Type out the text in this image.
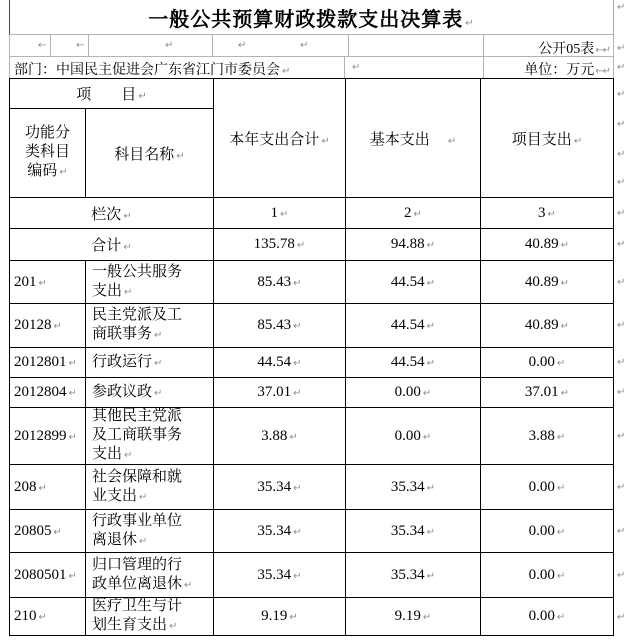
一般公共预算财政拨款支出决算表 ↵
←	←	↵	↵	↵	公开05表 ←↵
部门：中国民主促进会广东省江门市委员会 ↵	↵	单位：万元 ←↵
项　　目 ↵
本年支出合计 ↵	基本支出 ↵	项目支出 ↵
功能分
类科目
编码 ↵
科目名称 ↵
栏次 ↵	1 ↵	2 ↵	3 ↵
合计 ↵	135.78 ↵	94.88 ↵	40.89 ↵
201 ↵
一般公共服务
支出 ↵
85.43 ↵	44.54 ↵	40.89 ↵
20128 ↵
民主党派及工
商联事务 ↵
85.43 ↵	44.54 ↵	40.89 ↵
2012801 ↵	行政运行 ↵	44.54 ↵	44.54 ↵	0.00 ↵
2012804 ↵	参政议政 ↵	37.01 ↵	0.00 ↵	37.01 ↵
2012899 ↵
其他民主党派
及工商联事务
支出 ↵
3.88 ↵	0.00 ↵	3.88 ↵
208 ↵
社会保障和就
业支出 ↵
35.34 ↵	35.34 ↵	0.00 ↵
20805 ↵
行政事业单位
离退休 ↵
35.34 ↵	35.34 ↵	0.00 ↵
2080501 ↵
归口管理的行
政单位离退休 ↵
35.34 ↵	35.34 ↵	0.00 ↵
210 ↵
医疗卫生与计
划生育支出 ↵
9.19 ↵	9.19 ↵	0.00 ↵
↵
↵
↵
↵
↵
↵
↵
↵
↵
↵
↵
↵
↵
↵
↵
↵
↵
↵
